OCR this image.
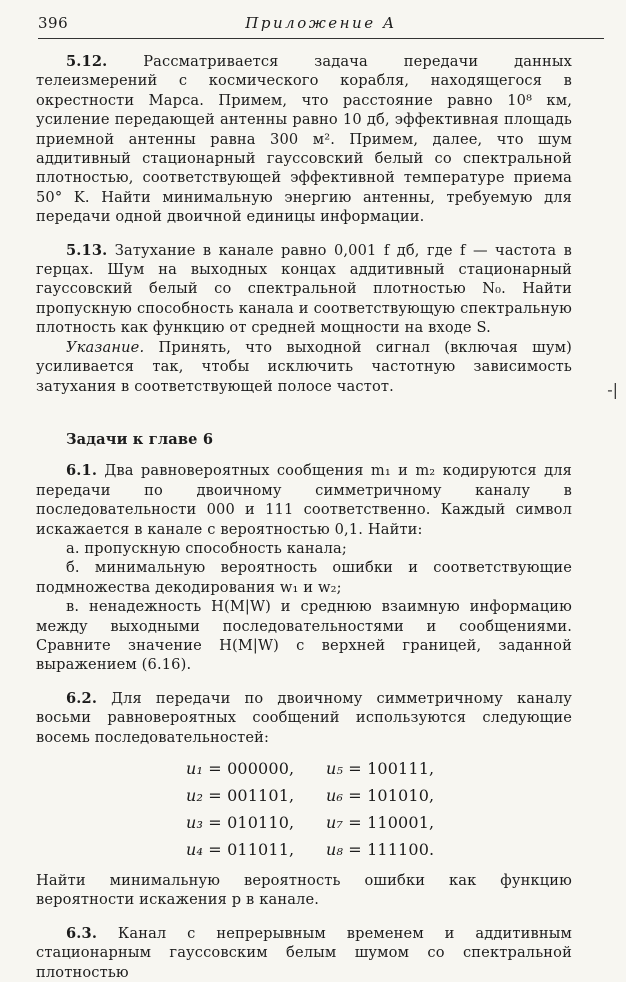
396	Приложение А
-|

5.12. Рассматривается задача передачи данных телеизмерений с космического корабля, находящегося в окрестности Марса. Примем, что расстояние равно 10⁸ км, усиление передающей антенны равно 10 дб, эффективная площадь приемной антенны равна 300 м². Примем, далее, что шум аддитивный стационарный гауссовский белый со спектральной плотностью, соответствующей эффективной температуре приема 50° K. Найти минимальную энергию антенны, требуемую для передачи одной двоичной единицы информации.

5.13. Затухание в канале равно 0,001 f дб, где f — частота в герцах. Шум на выходных концах аддитивный стационарный гауссовский белый со спектральной плотностью N₀. Найти пропускную способность канала и соответствующую спектральную плотность как функцию от средней мощности на входе S.

Указание. Принять, что выходной сигнал (включая шум) усиливается так, чтобы исключить частотную зависимость затухания в соответствующей полосе частот.

Задачи к главе 6

6.1. Два равновероятных сообщения m₁ и m₂ кодируются для передачи по двоичному симметричному каналу в последовательности 000 и 111 соответственно. Каждый символ искажается в канале с вероятностью 0,1. Найти:

а. пропускную способность канала;

б. минимальную вероятность ошибки и соответствующие подмножества декодирования w₁ и w₂;

в. ненадежность H(M|W) и среднюю взаимную информацию между выходными последовательностями и сообщениями. Сравните значение H(M|W) с верхней границей, заданной выражением (6.16).

6.2. Для передачи по двоичному симметричному каналу восьми равновероятных сообщений используются следующие восемь последовательностей:

u₁ = 000000,	u₅ = 100111,
u₂ = 001101,	u₆ = 101010,
u₃ = 010110,	u₇ = 110001,
u₄ = 011011,	u₈ = 111100.

Найти минимальную вероятность ошибки как функцию вероятности искажения p в канале.

6.3. Канал с непрерывным временем и аддитивным стационарным гауссовским белым шумом со спектральной плотностью
